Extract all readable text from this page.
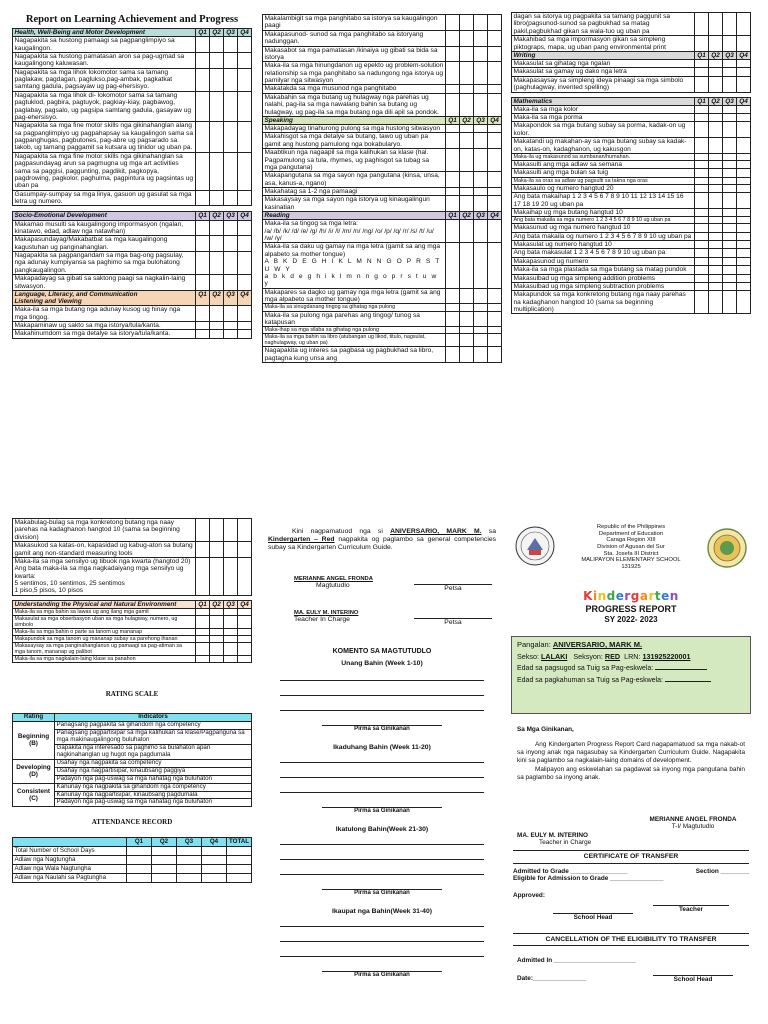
Report on Learning Achievement and Progress
Health, Well-Being and Motor Development	Q1	Q2	Q3	Q4
Nagapakita sa hustong pamaagi sa pagpanglimpiyo sa kaugalingon.				
Nagapakita sa hustong pamatasan aron sa pag-ugmad sa kaugalingong kaluwasan.				
Nagapakita sa mga lihok lokomotor sama sa tamang paglakaw, pagdagan, paglukso,pag-ambak, pagkatkat samtang gadula, pagsayaw ug pag-ehersisyo.				
Nagapakita sa mga lihok di- lokomotor sama sa tamang pagtuklod, pagbira, pagtuyok, pagkiay-kiay, pagbawog, paglabay, pagsalo, ug pagsipa samtang gadula, gasayaw ug pag-ehersisyo.				
Nagapakita sa mga fine motor skills nga gikinahanglan alang sa pagpanglimpiyo ug pagpahapsay sa kaugalingon sama sa pagpanghugas, pagbutones, pag-abre ug pagsarado sa takob, ug tamang paggamit sa kutsara ug tinidor ug uban pa.				
Nagapakita sa mga fine motor skills nga gikinahanglan sa pagpasundayag arun sa pagmugna ug mga art activities sama sa paggisi, paggunting, pagdikit, pagkopya, pagdrowing, pagkolor, paghulma, pagpintura ug pagsintas ug uban pa				
Gasumpay-sumpay sa mga linya, gasuon ug gasulat sa mga letra ug numero.				

Socio-Emotional Development	Q1	Q2	Q3	Q4
Makamao musulti sa kaugalingong impormasyon (ngalan, kinatawo, edad, adlaw nga natawhan)				
Makapasundayag/Makabatbat sa mga kaugalingong kagustuhan ug panginahanglan.				
Nagapakita sa pagpangandam sa mga bag-ong pagsulay, nga adunay kumpiyansa sa paghimo sa mga bulohatong pangkaugalingon.				
Makapadayag sa gibati sa saktong paagi sa nagkalin-laing sitwasyon.				
Language, Literacy, and Communication
Listening and Viewing	Q1	Q2	Q3	Q4
Maka-ila sa mga butang nga adunay kusog ug hinay nga mga tingog.				
Makapaminaw ug sakto sa mga istorya/tula/kanta.				
Makahinumdom sa mga detalye sa istorya/tula/kanta.				
Makalambigit sa mga panghitabo sa istorya sa kaugalingon paagi				
Makapasunod- sunod sa mga panghitabo sa istoryang nadunggan.				
Makasabot sa mga pamatasan /kinaiya ug gibati sa bida sa istorya				
Maka-ila sa mga hinungdanon ug epekto ug problem-solution relationship sa mga panghitabo sa nadungong nga istorya ug pamilyar nga sitwasyon				
Makatakda sa mga musunod nga panghitabo				
Makabahin sa mga butang ug hulagway nga parehas ug nalahi, pag-ila sa mga nawalang bahin sa butang ug hulagway, ug pag-ila sa mga butang nga dili apil sa pondok.				
Speaking	Q1	Q2	Q3	Q4
Makapadayag tinahurong pulong sa mga hustong sitwasyon				
Makahisgot sa mga detalye sa butang, tawo ug uban pa gamit ang hustong pamulong nga bokabularyo.				
Maabtikun nga nagaapil sa mga kalihukan sa klase (hal. Pagpamulong sa tula, rhymes, ug paghisgot sa tubag sa mga pangutana)				
Makapangutana sa mga sayon nga pangutana (kinsa, unsa, asa, kanus-a, ngano)				
Makahatag sa 1-2 nga pamaagi				
Makasaysay sa mga sayon nga istorya ug kinaugalingun kasinatian				
Reading	Q1	Q2	Q3	Q4
Maka-ila sa tingog sa mga letra:
/a/ /b/ /k/ /d/ /e/ /g/ /h/ /i/ /l/ /m/ /n/ /ng/ /o/ /p/ /q/ /r/ /s/ /t/ /u/ /w/ /y/				
Maka-ila sa daku ug gamay na mga letra (gamit sa ang mga alpabeto sa mother tongue)
A B K D E G H I K L M N N G O P R S T U W Y
a b k d e g h i k l m n n g o p r s t u w y				
Makapares sa dagko ug gamay nga mga letra (gamit sa ang mga alpabeto sa mother tongue)				
Maka-ila sa sinugdanang tingog sa gihatag nga pulong				
Maka-ila sa pulong nga parehas ang tingog/ tunog sa katapusan				
Maka-ihap sa mga silaba sa gihatag nga pulong				
Maka-ila sa mga bahin sa libro (atubangan ug likod, titulo, nagsulat, naghulagway, ug uban pa)				
Nagapakita ug interes sa pagbasa ug pagbukhad sa libro, pagtagna kung unsa ang				
dagan sa istorya ug pagpakita sa tamang paggunit sa libro(pagsunod-sunod sa pagbukhad sa matag pakil,pagbukhad gikan sa wala-tuo ug uban pa				
Makahibad sa mga impormasyon gikan sa simpleng piktograps, mapa, ug uban pang environmental print				
Writing	Q1	Q2	Q3	Q4
Makasulat sa gihatag nga ngalan				
Makasulat sa gamay ug dako nga letra				
Makapasaysay sa simpleng ideya pinaagi sa mga simbolo (paghulagway, invented spelling)				

Mathematics	Q1	Q2	Q3	Q4
Maka-ila sa mga kolor				
Maka-ila sa mga porma				
Makapondok sa mga butang subay sa porma, kadak-on ug kolor.				
Makatandi ug makahan-ay sa mga butang subay sa kadak-on, katas-on, kadaghanon, ug kakusgon				
Maka-ila ug makasunod sa sumbanan/humahan.				
Makasulti ang mga adlaw sa semana				
Makasulti ang mga bulan sa tuig				
Maka-ila sa oras sa adlaw ug pagsulti sa takna nga oras				
Makasaulo og numero hangtud 20				
Ang bata makaihap 1 2 3 4 5 6 7 8 9 10 11 12 13 14 15 16 17 18 19 20 ug uban pa				
Makaihap ug mga butang hangtud 10				
Ang bata makaila sa mga numero 1 2 3 4 5 6 7 8 9 10 ug uban pa				
Makasunud ug mga numero hangtud 10				
Ang bata makaila og numero 1 2 3 4 5 6 7 8 9 10 ug uban pa				
Makasulat ug numero hangtud 10				
Ang bata makasulat 1 2 3 4 5 6 7 8 9 10 ug uban pa				
Makapasunod ug numero				
Maka-ila sa mga plastada sa mga butang sa matag pundok				
Makasulbad ug mga simpleng addition problems				
Makasulbad ug mga simpleng subtraction problems				
Makapundok sa mga konkretong butang nga naay parehas na kadaghanon hangtod 10 (sama sa beginning multiplication)				
Makabulag-bulag sa mga konkretong butang nga naay parehas na kadaghanon hangtod 10 (sama sa beginning division)				
Makasukod sa katas-on, kapasidad ug kabug-aton sa butang gamit ang non-standard measuring tools				
Maka-ila sa mga sensilyo ug tibuok nga kwarta (hangtod 20) Ang bata maka-ila sa mga nagkadaiyang mga sensilyo ug kwarta:
5 sentimos, 10 sentimos, 25 sentimos
1 piso,5 pisos, 10 pisos				

Understanding the Physical and Natural Environment	Q1	Q2	Q3	Q4
Maka-ila sa mga bahin sa lawas ug ang ilang mga gamit				
Makasulat sa mga obserbasyon uban sa mga hulagway, numero, ug simbolo				
Maka-ila sa mga bahin o parte sa tanom ug mananap				
Makapundok sa mga tanom ug mananap subay sa parehong ihanan				
Makasaysay sa mga panginahanglanun ug pamaagi sa pag-atiman sa mga tanom, mananap ug palibot				
Maka-ila sa mga nagkalain-laing klase sa panahon				
RATING SCALE
Rating	Indicators
Beginning
(B)	Panagsang pagpakita sa gihandom nga competency
	Panagsang pagpartisipar sa mga kalihukan sa klase/Pagpanguna sa mga makinaugalingong buluhaton
	Gapakita nga interesado sa paghimo sa bulahaton apan nagkinahanglan ug hugot nga pagdumala
Developing
(D)	Usahay nga nagpakita sa competency
	Usahay nga nagpartisipar, kinaubsang paggiya
	Padayon nga pag-uswag sa mga nahatag nga buluhaton
Consistent
(C)	Kanunay nga nagpakita sa gihandom nga competency
	Kanunay nga nagpartisipar, kinaubsang pagdumala
	Padayon nga pag-uswag sa mga nahatag nga buluhaton
ATTENDANCE RECORD
	Q1	Q2	Q3	Q4	TOTAL
Total Number of School Days					
Adlaw nga Nagtungha					
Adlaw nga Wala Nagtungha					
Adlaw nga Naulahi sa Pagtungha					
Kini nagpamatuod nga si ANIVERSARIO, MARK M. sa Kindergarten – Red nagpakita og paglambo sa general competencies subay sa Kindergarten Curriculum Guide.
MERIANNE ANGEL FRONDA
Magtutudlo	Petsa
MA. EULY M. INTERINO
Teacher In Charge	Petsa
KOMENTO SA MAGTUTUDLO
Unang Bahin (Week 1-10)
Pirma sa Ginikanan
Ikaduhang Bahin (Week 11-20)
Pirma sa Ginikanan
Ikatulong Bahin(Week 21-30)
Pirma sa Ginikanan
Ikaupat nga Bahin(Week 31-40)
Pirma sa Ginikanan
Republic of the Philippines
Department of Education
Caraga Region XIII
Division of Agusan del Sur
Sta. Josefa III District
MALIPAYON ELEMENTARY SCHOOL
131925
Kindergarten
PROGRESS REPORT
SY 2022- 2023
Pangalan: ANIVERSARIO, MARK M.
Sekso: LALAKI Seksyon: RED LRN: 131925220001
Edad sa pagsugod sa Tuig sa Pag-eskwela:
Edad sa pagkahuman sa Tuig sa Pag-eskwela:
Sa Mga Ginikanan,
Ang Kindergarten Progress Report Card nagapamatuod sa mga nakab-ot sa inyong anak nga nagasubay sa Kindergarten Curriculum Guide. Nagapakita kini sa paglambo sa nagkalain-laing domains of development.
Malipayon ang eskwelahan sa pagdawat sa inyong mga pangutana bahin sa paglambo sa inyong anak.
MERIANNE ANGEL FRONDA
T-I/ Magtutudlo
MA. EULY M. INTERINO
Teacher in Charge
CERTIFICATE OF TRANSFER
Admitted to Grade ________________	Section ________
Eligible for Admission to Grade _______________
Approved:
School Head
Teacher
CANCELLATION OF THE ELIGIBILITY TO TRANSFER
Admitted In _______________________
Date:_______________	School Head
